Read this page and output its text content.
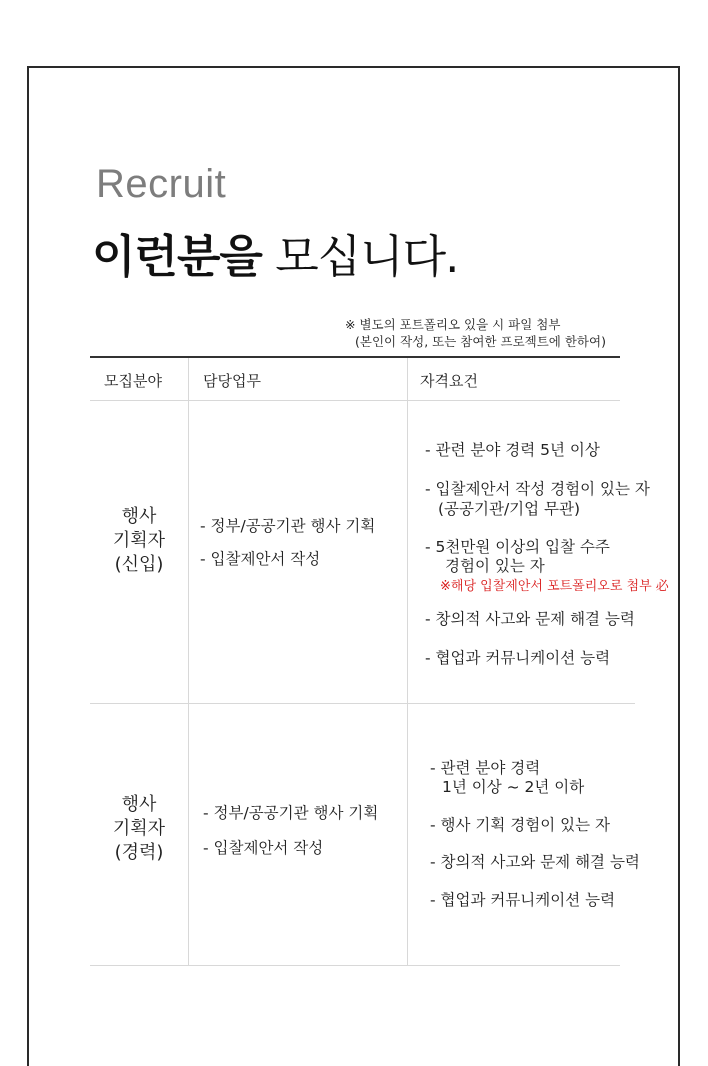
Recruit
이런분을 모십니다.
※ 별도의 포트폴리오 있을 시 파일 첨부
(본인이 작성, 또는 참여한 프로젝트에 한하여)
모집분야	담당업무	자격요건
행사
기획자
(신입)
- 정부/공공기관 행사 기획
- 입찰제안서 작성
- 관련 분야 경력 5년 이상
- 입찰제안서 작성 경험이 있는 자
(공공기관/기업 무관)
- 5천만원 이상의 입찰 수주
경험이 있는 자
※해당 입찰제안서 포트폴리오로 첨부 必
- 창의적 사고와 문제 해결 능력
- 협업과 커뮤니케이션 능력
행사
기획자
(경력)
- 정부/공공기관 행사 기획
- 입찰제안서 작성
- 관련 분야 경력
1년 이상 ~ 2년 이하
- 행사 기획 경험이 있는 자
- 창의적 사고와 문제 해결 능력
- 협업과 커뮤니케이션 능력
